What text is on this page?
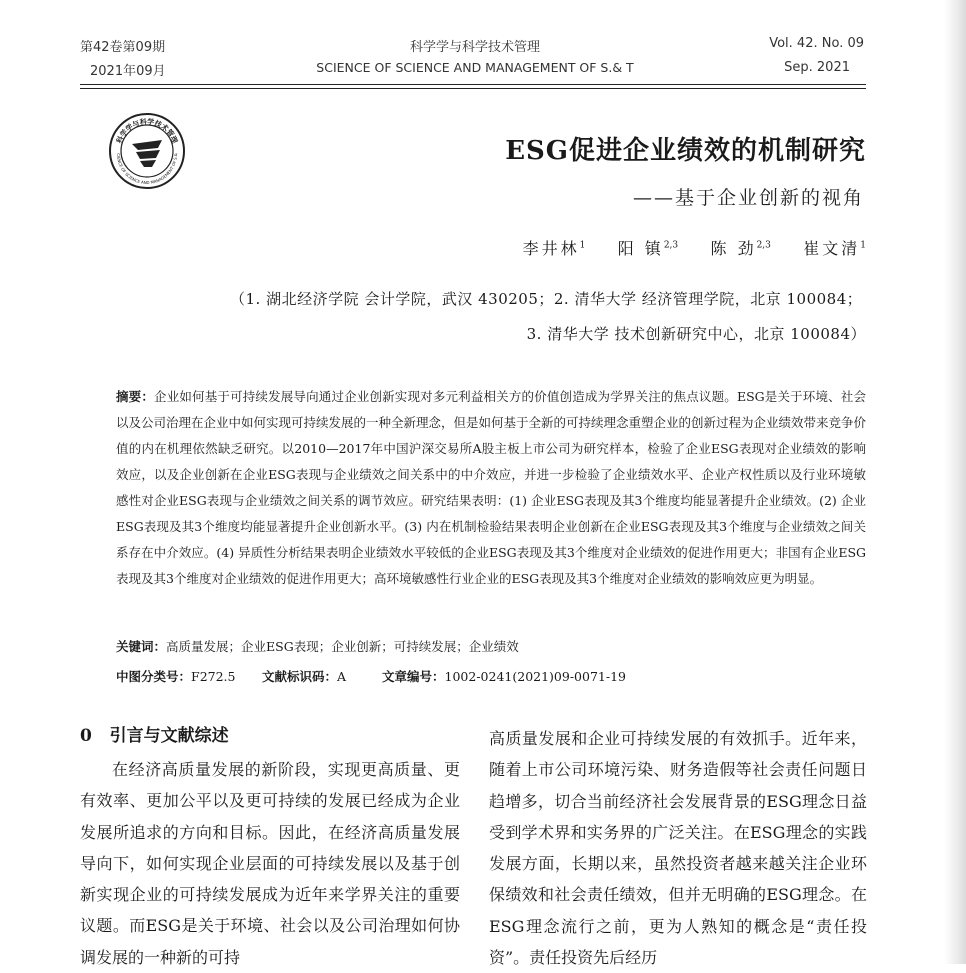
第42卷第09期
2021年09月
科学学与科学技术管理
SCIENCE OF SCIENCE AND MANAGEMENT OF S.& T
Vol. 42. No. 09
Sep. 2021
科学学与科学技术管理
CIENCE OF SCIENCE AND MANAGEMENT OF S.&	ESG促进企业绩效的机制研究
——基于企业创新的视角
李井林$^1$ 阳 镇$^{2,3}$ 陈 劲$^{2,3}$ 崔文清$^1$
（1. 湖北经济学院 会计学院，武汉 430205；2. 清华大学 经济管理学院，北京 100084；
3. 清华大学 技术创新研究中心，北京 100084）
摘要：企业如何基于可持续发展导向通过企业创新实现对多元利益相关方的价值创造成为学界关注的焦点议题。ESG是关于环境、社会以及公司治理在企业中如何实现可持续发展的一种全新理念，但是如何基于全新的可持续理念重塑企业的创新过程为企业绩效带来竞争价值的内在机理依然缺乏研究。以2010—2017年中国沪深交易所A股主板上市公司为研究样本，检验了企业ESG表现对企业绩效的影响效应，以及企业创新在企业ESG表现与企业绩效之间关系中的中介效应，并进一步检验了企业绩效水平、企业产权性质以及行业环境敏感性对企业ESG表现与企业绩效之间关系的调节效应。研究结果表明：(1) 企业ESG表现及其3个维度均能显著提升企业绩效。(2) 企业ESG表现及其3个维度均能显著提升企业创新水平。(3) 内在机制检验结果表明企业创新在企业ESG表现及其3个维度与企业绩效之间关系存在中介效应。(4) 异质性分析结果表明企业绩效水平较低的企业ESG表现及其3个维度对企业绩效的促进作用更大；非国有企业ESG表现及其3个维度对企业绩效的促进作用更大；高环境敏感性行业企业的ESG表现及其3个维度对企业绩效的影响效应更为明显。
关键词：高质量发展；企业ESG表现；企业创新；可持续发展；企业绩效
中图分类号：F272.5 文献标识码：A	文章编号：1002-0241(2021)09-0071-19
0 引言与文献综述

在经济高质量发展的新阶段，实现更高质量、更有效率、更加公平以及更可持续的发展已经成为企业发展所追求的方向和目标。因此，在经济高质量发展导向下，如何实现企业层面的可持续发展以及基于创新实现企业的可持续发展成为近年来学界关注的重要议题。而ESG是关于环境、社会以及公司治理如何协调发展的一种新的可持

高质量发展和企业可持续发展的有效抓手。近年来，随着上市公司环境污染、财务造假等社会责任问题日趋增多，切合当前经济社会发展背景的ESG理念日益受到学术界和实务界的广泛关注。在ESG理念的实践发展方面，长期以来，虽然投资者越来越关注企业环保绩效和社会责任绩效，但并无明确的ESG理念。在ESG理念流行之前，更为人熟知的概念是“责任投资”。责任投资先后经历
